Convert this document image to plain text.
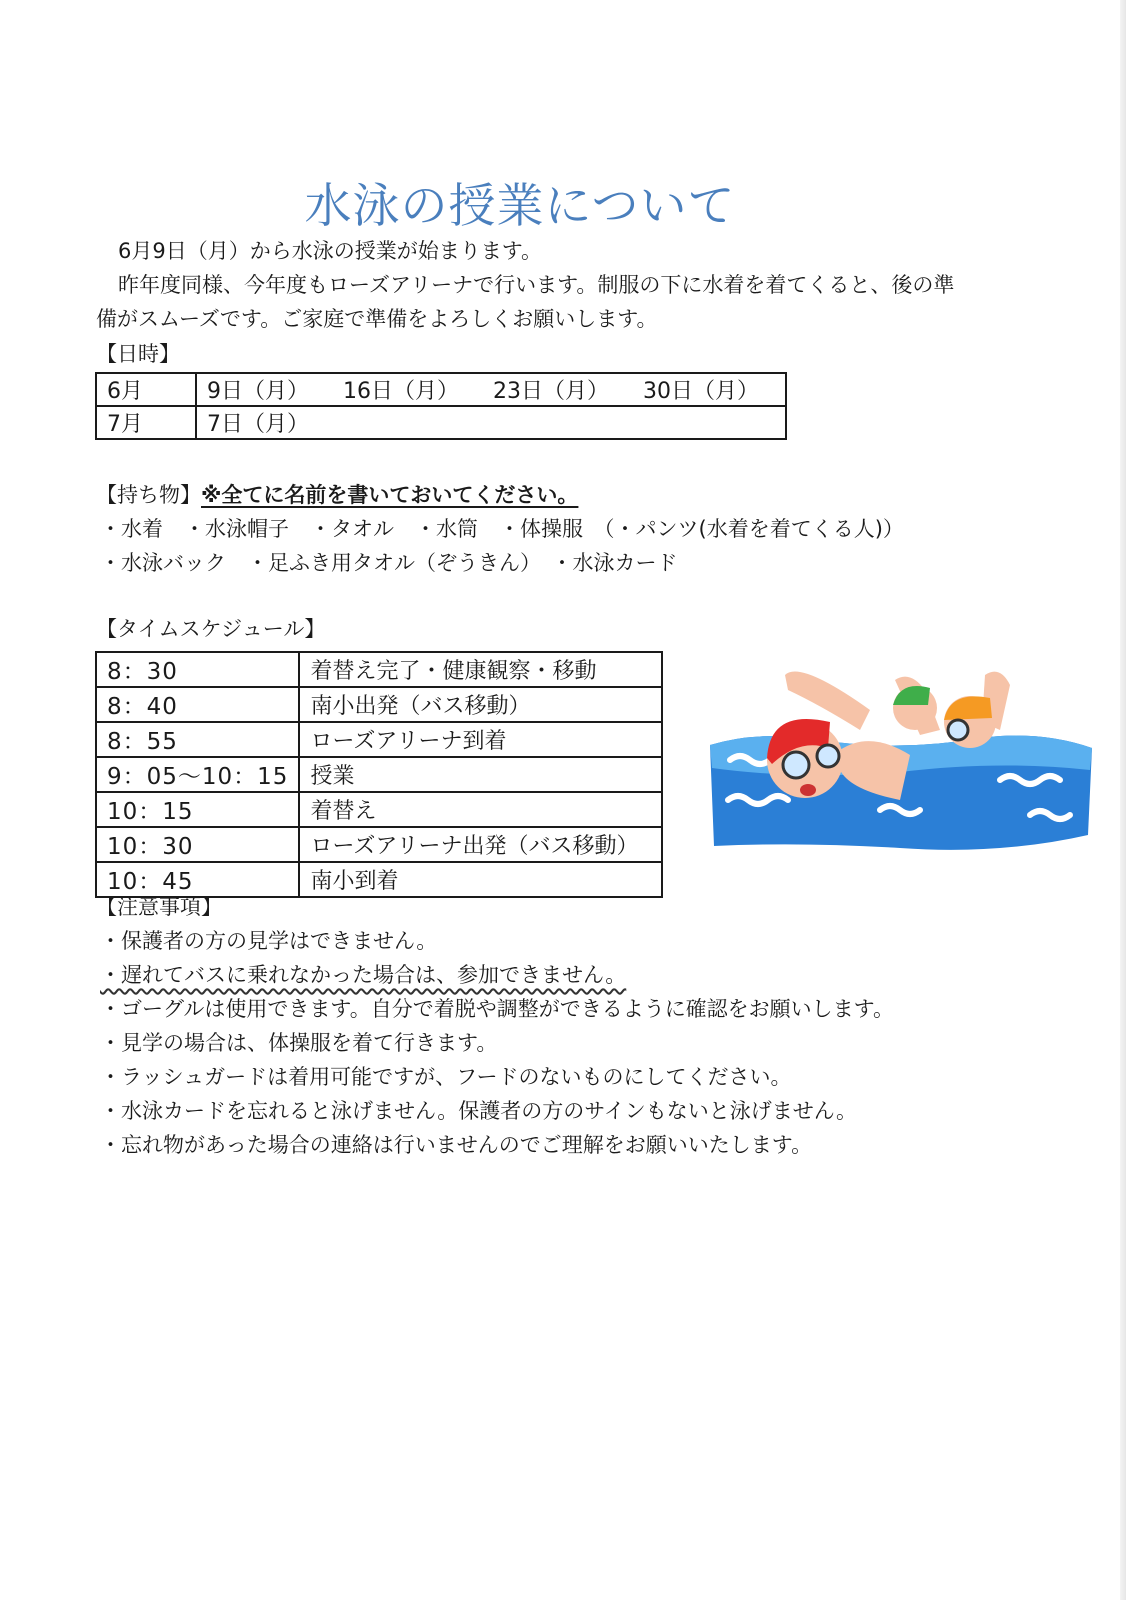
水泳の授業について
6月9日（月）から水泳の授業が始まります。
昨年度同様、今年度もローズアリーナで行います。制服の下に水着を着てくると、後の準
備がスムーズです。ご家庭で準備をよろしくお願いします。
【日時】
6月	9日（月） 16日（月） 23日（月） 30日（月）
7月	7日（月）
【持ち物】※全てに名前を書いておいてください。
・水着　・水泳帽子　・タオル　・水筒　・体操服　（・パンツ(水着を着てくる人)）
・水泳バック　・足ふき用タオル（ぞうきん）　・水泳カード
【タイムスケジュール】
8：30	着替え完了・健康観察・移動
8：40	南小出発（バス移動）
8：55	ローズアリーナ到着
9：05～10：15	授業
10：15	着替え
10：30	ローズアリーナ出発（バス移動）
10：45	南小到着
【注意事項】
・保護者の方の見学はできません。
・遅れてバスに乗れなかった場合は、参加できません。
・ゴーグルは使用できます。自分で着脱や調整ができるように確認をお願いします。
・見学の場合は、体操服を着て行きます。
・ラッシュガードは着用可能ですが、フードのないものにしてください。
・水泳カードを忘れると泳げません。保護者の方のサインもないと泳げません。
・忘れ物があった場合の連絡は行いませんのでご理解をお願いいたします。
